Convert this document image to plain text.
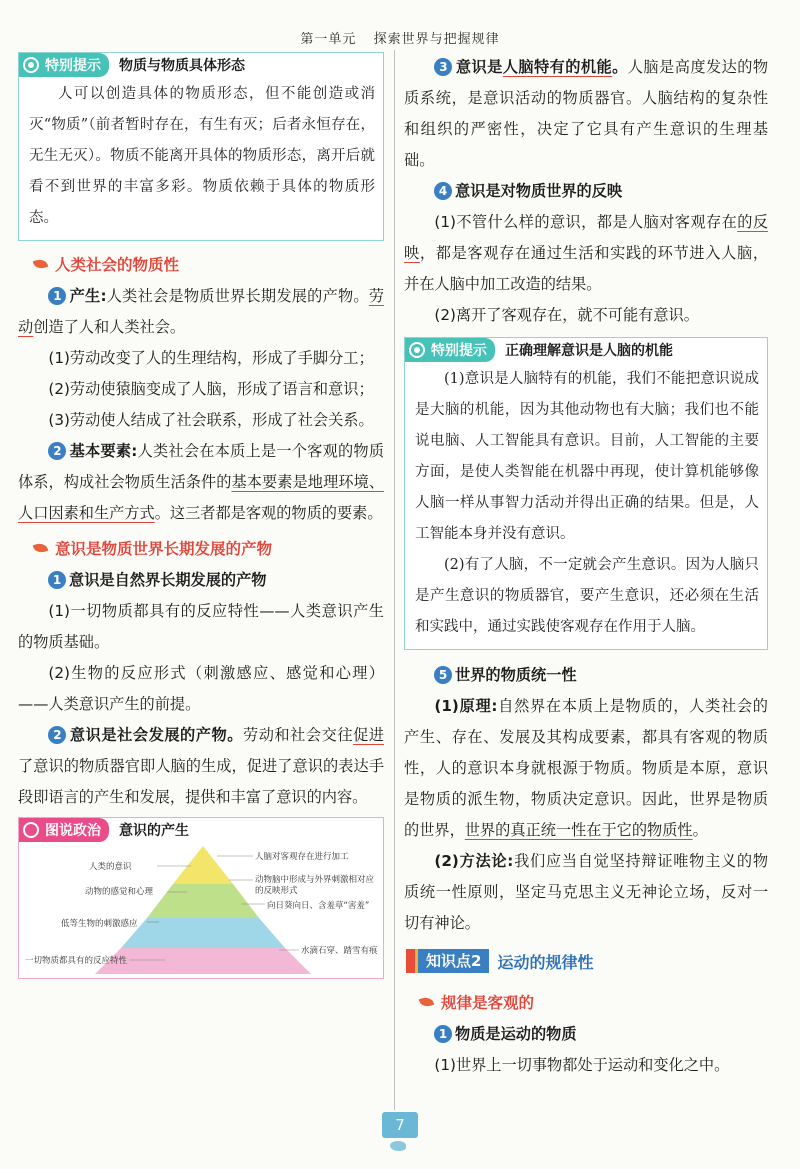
第一单元 探索世界与把握规律
特别提示 物质与物质具体形态

人可以创造具体的物质形态，但不能创造或消灭“物质”（前者暂时存在，有生有灭；后者永恒存在，无生无灭）。物质不能离开具体的物质形态，离开后就看不到世界的丰富多彩。物质依赖于具体的物质形态。

人类社会的物质性

1 产生:人类社会是物质世界长期发展的产物。劳动创造了人和人类社会。

(1)劳动改变了人的生理结构，形成了手脚分工；

(2)劳动使猿脑变成了人脑，形成了语言和意识；

(3)劳动使人结成了社会联系，形成了社会关系。

2 基本要素:人类社会在本质上是一个客观的物质体系，构成社会物质生活条件的基本要素是地理环境、人口因素和生产方式。这三者都是客观的物质的要素。

意识是物质世界长期发展的产物

1 意识是自然界长期发展的产物

(1)一切物质都具有的反应特性——人类意识产生的物质基础。

(2)生物的反应形式（刺激感应、感觉和心理）——人类意识产生的前提。

2 意识是社会发展的产物。劳动和社会交往促进了意识的物质器官即人脑的生成，促进了意识的表达手段即语言的产生和发展，提供和丰富了意识的内容。

图说政治 意识的产生
人类的意识
动物的感觉和心理
低等生物的刺激感应
一切物质都具有的反应特性
人脑对客观存在进行加工
动物脑中形成与外界刺激相对应
的反映形式
向日葵向日、含羞草“害羞”
水滴石穿、踏雪有痕

3 意识是人脑特有的机能。人脑是高度发达的物质系统，是意识活动的物质器官。人脑结构的复杂性和组织的严密性，决定了它具有产生意识的生理基础。

4 意识是对物质世界的反映

(1)不管什么样的意识，都是人脑对客观存在的反映，都是客观存在通过生活和实践的环节进入人脑，并在人脑中加工改造的结果。

(2)离开了客观存在，就不可能有意识。

特别提示 正确理解意识是人脑的机能

(1)意识是人脑特有的机能，我们不能把意识说成是大脑的机能，因为其他动物也有大脑；我们也不能说电脑、人工智能具有意识。目前，人工智能的主要方面，是使人类智能在机器中再现，使计算机能够像人脑一样从事智力活动并得出正确的结果。但是，人工智能本身并没有意识。

(2)有了人脑，不一定就会产生意识。因为人脑只是产生意识的物质器官，要产生意识，还必须在生活和实践中，通过实践使客观存在作用于人脑。

5 世界的物质统一性

(1)原理:自然界在本质上是物质的，人类社会的产生、存在、发展及其构成要素，都具有客观的物质性，人的意识本身就根源于物质。物质是本原，意识是物质的派生物，物质决定意识。因此，世界是物质的世界，世界的真正统一性在于它的物质性。

(2)方法论:我们应当自觉坚持辩证唯物主义的物质统一性原则，坚定马克思主义无神论立场，反对一切有神论。

知识点2	运动的规律性
规律是客观的

1 物质是运动的物质

(1)世界上一切事物都处于运动和变化之中。

7
